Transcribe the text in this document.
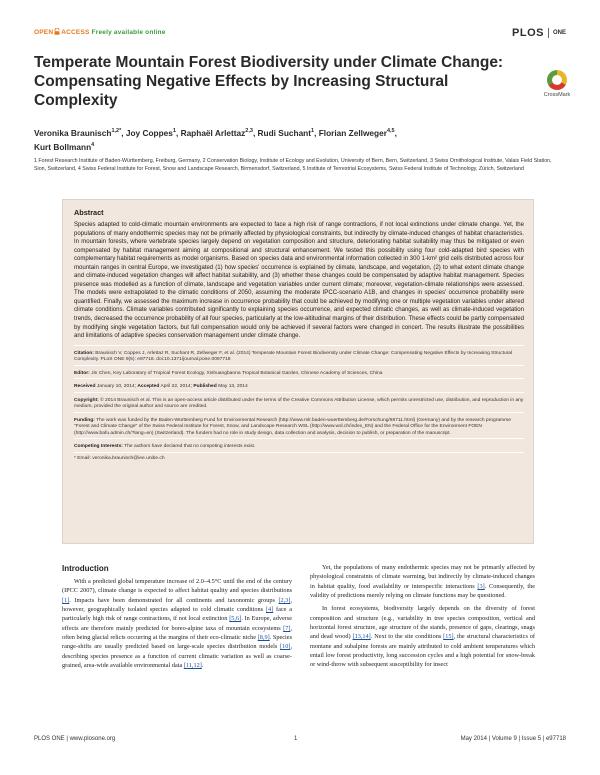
OPEN ACCESS Freely available online	PLOS ONE
Temperate Mountain Forest Biodiversity under Climate Change: Compensating Negative Effects by Increasing Structural Complexity	CrossMark
Veronika Braunisch$^{1,2*}$, Joy Coppes$^1$, Raphaël Arlettaz$^{2,3}$, Rudi Suchant$^1$, Florian Zellweger$^{4,5}$,
Kurt Bollmann$^4$
1 Forest Research Institute of Baden-Württemberg, Freiburg, Germany, 2 Conservation Biology, Institute of Ecology and Evolution, University of Bern, Bern, Switzerland, 3 Swiss Ornithological Institute, Valais Field Station, Sion, Switzerland, 4 Swiss Federal Institute for Forest, Snow and Landscape Research, Birmensdorf, Switzerland, 5 Institute of Terrestrial Ecosystems, Swiss Federal Institute of Technology, Zürich, Switzerland
Abstract
Species adapted to cold-climatic mountain environments are expected to face a high risk of range contractions, if not local extinctions under climate change. Yet, the populations of many endothermic species may not be primarily affected by physiological constraints, but indirectly by climate-induced changes of habitat characteristics. In mountain forests, where vertebrate species largely depend on vegetation composition and structure, deteriorating habitat suitability may thus be mitigated or even compensated by habitat management aiming at compositional and structural enhancement. We tested this possibility using four cold-adapted bird species with complementary habitat requirements as model organisms. Based on species data and environmental information collected in 300 1-km² grid cells distributed across four mountain ranges in central Europe, we investigated (1) how species' occurrence is explained by climate, landscape, and vegetation, (2) to what extent climate change and climate-induced vegetation changes will affect habitat suitability, and (3) whether these changes could be compensated by adaptive habitat management. Species presence was modelled as a function of climate, landscape and vegetation variables under current climate; moreover, vegetation-climate relationships were assessed. The models were extrapolated to the climatic conditions of 2050, assuming the moderate IPCC-scenario A1B, and changes in species' occurrence probability were quantified. Finally, we assessed the maximum increase in occurrence probability that could be achieved by modifying one or multiple vegetation variables under altered climate conditions. Climate variables contributed significantly to explaining species occurrence, and expected climatic changes, as well as climate-induced vegetation trends, decreased the occurrence probability of all four species, particularly at the low-altitudinal margins of their distribution. These effects could be partly compensated by modifying single vegetation factors, but full compensation would only be achieved if several factors were changed in concert. The results illustrate the possibilities and limitations of adaptive species conservation management under climate change.
Citation: Braunisch V, Coppes J, Arlettaz R, Suchant R, Zellweger F, et al. (2014) Temperate Mountain Forest Biodiversity under Climate Change: Compensating Negative Effects by Increasing Structural Complexity. PLoS ONE 9(5): e97718. doi:10.1371/journal.pone.0097718
Editor: Jin Chen, Key Laboratory of Tropical Forest Ecology, Xishuangbanna Tropical Botanical Garden, Chinese Academy of Sciences, China
Received January 10, 2014; Accepted April 22, 2014; Published May 13, 2014
Copyright: © 2014 Braunisch et al. This is an open-access article distributed under the terms of the Creative Commons Attribution License, which permits unrestricted use, distribution, and reproduction in any medium, provided the original author and source are credited.
Funding: The work was funded by the Baden-Württemberg Fund for Environmental Research (http://www.mlr.baden-wuerttemberg.de/Forschung/68711.html) (Germany) and by the research programme "Forest and Climate Change" of the Swiss Federal Institute for Forest, Snow, and Landscape Research WSL (http://www.wsl.ch/index_EN) and the Federal Office for the Environment FOEN (http://www.bafu.admin.ch/?lang=en) (Switzerland). The funders had no role in study design, data collection and analysis, decision to publish, or preparation of the manuscript.
Competing Interests: The authors have declared that no competing interests exist.
* Email: veronika.braunisch@iee.unibe.ch
Introduction

With a predicted global temperature increase of 2.0–4.5°C until the end of the century (IPCC 2007), climate change is expected to affect habitat quality and species distributions [1]. Impacts have been demonstrated for all continents and taxonomic groups [2,3], however, geographically isolated species adapted to cold climatic conditions [4] face a particularly high risk of range contractions, if not local extinction [5,6]. In Europe, adverse effects are therefore mainly predicted for boreo-alpine taxa of mountain ecosystems [7], often being glacial relicts occurring at the margins of their eco-climatic niche [8,9]. Species range-shifts are usually predicted based on large-scale species distribution models [10], describing species presence as a function of current climatic variation as well as coarse-grained, area-wide available environmental data [11,12].

Yet, the populations of many endothermic species may not be primarily affected by physiological constraints of climate warming, but indirectly by climate-induced changes in habitat quality, food availability or interspecific interactions [3]. Consequently, the validity of predictions merely relying on climate functions may be questioned.

In forest ecosystems, biodiversity largely depends on the diversity of forest composition and structure (e.g., variability in tree species composition, vertical and horizontal forest structure, age structure of the stands, presence of gaps, clearings, snags and dead wood) [13,14]. Next to the site conditions [15], the structural characteristics of montane and subalpine forests are mainly attributed to cold ambient temperatures which entail low forest productivity, long succession cycles and a high potential for snow-break or wind-throw with subsequent susceptibility for insect

PLOS ONE | www.plosone.org	1	May 2014 | Volume 9 | Issue 5 | e97718
